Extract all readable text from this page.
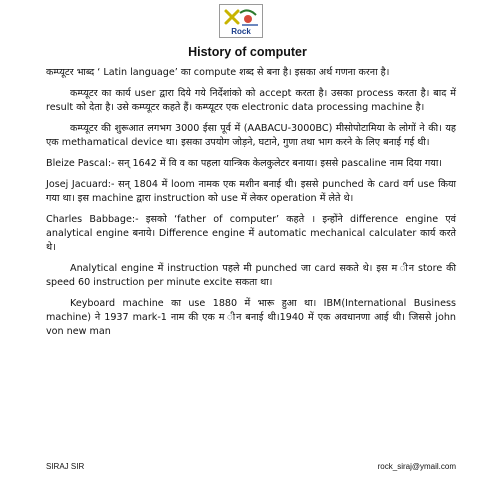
Rock
History of computer

कम्प्यूटर भाब्द ‘ Latin language’ का compute शब्द से बना है। इसका अर्थ गणना करना है।

कम्प्यूटर का कार्य user द्वारा दिये गये निर्देशांको को accept करता है। उसका process करता है। बाद में result को देता है। उसे कम्प्यूटर कहते हैं। कम्प्यूटर एक electronic data processing machine है।

कम्प्यूटर की शुरूआत लगभग 3000 ईसा पूर्व में (AABACU-3000BC) मीसोपोटामिया के लोगों ने की। यह एक methamatical device था। इसका उपयोग जोड़ने, घटाने, गुणा तथा भाग करने के लिए बनाई गई थी।

Bleize Pascal:- सन् 1642 में वि व का पहला यान्त्रिक केलकुलेटर बनाया। इससे pascaline नाम दिया गया।

Josej Jacuard:- सन् 1804 में loom नामक एक मशीन बनाई थी। इससे punched के card वर्ग use किया गया था। इस machine द्वारा instruction को use में लेकर operation में लेते थे।

Charles Babbage:- इसको ‘father of computer’ कहते । इन्होंने difference engine एवं analytical engine बनाये। Difference engine में automatic mechanical calculater कार्य करते थे।

Analytical engine में instruction पहले मी punched जा card सकते थे। इस म ीन store की speed 60 instruction per minute excite सकता था।

Keyboard machine का use 1880 में भारू हुआ था। IBM(International Business machine) ने 1937 mark-1 नाम की एक म ीन बनाई थी।1940 में एक अवधानणा आई थी। जिससे john von new man

SIRAJ SIR	rock_siraj@ymail.com
